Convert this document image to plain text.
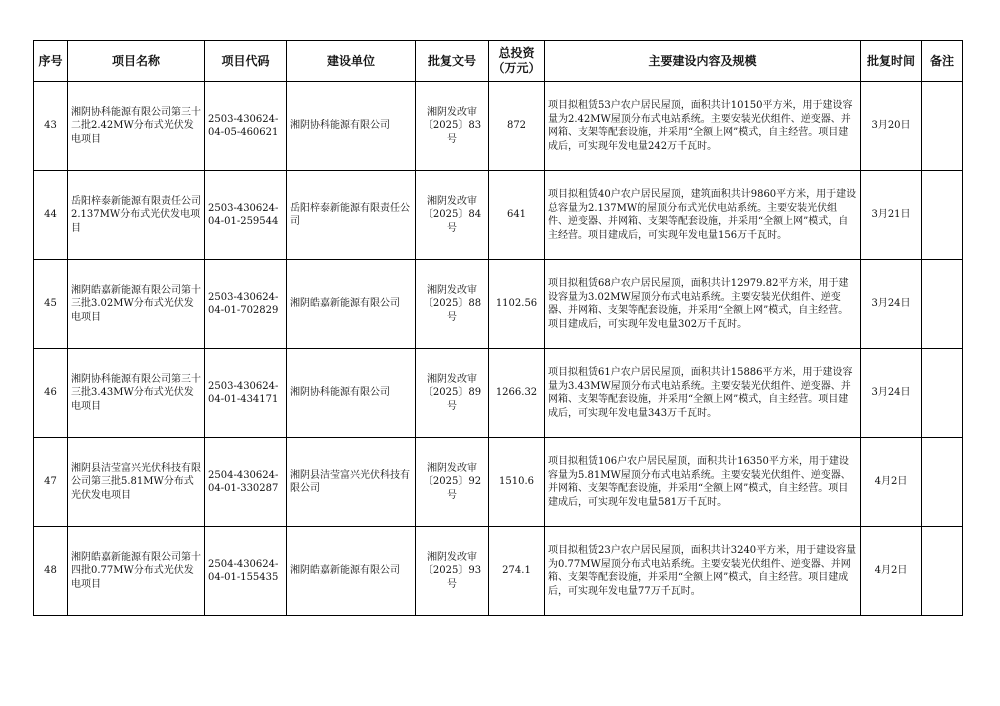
序号	项目名称	项目代码	建设单位	批复文号	总投资（万元）	主要建设内容及规模	批复时间	备注
43	湘阴协科能源有限公司第三十二批2.42MW分布式光伏发电项目	2503-430624-04-05-460621	湘阴协科能源有限公司	湘阴发改审〔2025〕83号	872	项目拟租赁53户农户居民屋顶，面积共计10150平方米，用于建设容量为2.42MW屋顶分布式电站系统。主要安装光伏组件、逆变器、并网箱、支架等配套设施，并采用“全额上网”模式，自主经营。项目建成后，可实现年发电量242万千瓦时。	3月20日	
44	岳阳梓泰新能源有限责任公司2.137MW分布式光伏发电项目	2503-430624-04-01-259544	岳阳梓泰新能源有限责任公司	湘阴发改审〔2025〕84号	641	项目拟租赁40户农户居民屋顶，建筑面积共计9860平方米，用于建设总容量为2.137MW的屋顶分布式光伏电站系统。主要安装光伏组件、逆变器、并网箱、支架等配套设施，并采用“全额上网”模式，自主经营。项目建成后，可实现年发电量156万千瓦时。	3月21日	
45	湘阴皓嘉新能源有限公司第十三批3.02MW分布式光伏发电项目	2503-430624-04-01-702829	湘阴皓嘉新能源有限公司	湘阴发改审〔2025〕88号	1102.56	项目拟租赁68户农户居民屋顶，面积共计12979.82平方米，用于建设容量为3.02MW屋顶分布式电站系统。主要安装光伏组件、逆变器、并网箱、支架等配套设施，并采用“全额上网”模式，自主经营。项目建成后，可实现年发电量302万千瓦时。	3月24日	
46	湘阴协科能源有限公司第三十三批3.43MW分布式光伏发电项目	2503-430624-04-01-434171	湘阴协科能源有限公司	湘阴发改审〔2025〕89号	1266.32	项目拟租赁61户农户居民屋顶，面积共计15886平方米，用于建设容量为3.43MW屋顶分布式电站系统。主要安装光伏组件、逆变器、并网箱、支架等配套设施，并采用“全额上网”模式，自主经营。项目建成后，可实现年发电量343万千瓦时。	3月24日	
47	湘阴县洁莹富兴光伏科技有限公司第三批5.81MW分布式光伏发电项目	2504-430624-04-01-330287	湘阴县洁莹富兴光伏科技有限公司	湘阴发改审〔2025〕92号	1510.6	项目拟租赁106户农户居民屋顶，面积共计16350平方米，用于建设容量为5.81MW屋顶分布式电站系统。主要安装光伏组件、逆变器、并网箱、支架等配套设施，并采用“全额上网”模式，自主经营。项目建成后，可实现年发电量581万千瓦时。	4月2日	
48	湘阴皓嘉新能源有限公司第十四批0.77MW分布式光伏发电项目	2504-430624-04-01-155435	湘阴皓嘉新能源有限公司	湘阴发改审〔2025〕93号	274.1	项目拟租赁23户农户居民屋顶，面积共计3240平方米，用于建设容量为0.77MW屋顶分布式电站系统。主要安装光伏组件、逆变器、并网箱、支架等配套设施，并采用“全额上网”模式，自主经营。项目建成后，可实现年发电量77万千瓦时。	4月2日	
